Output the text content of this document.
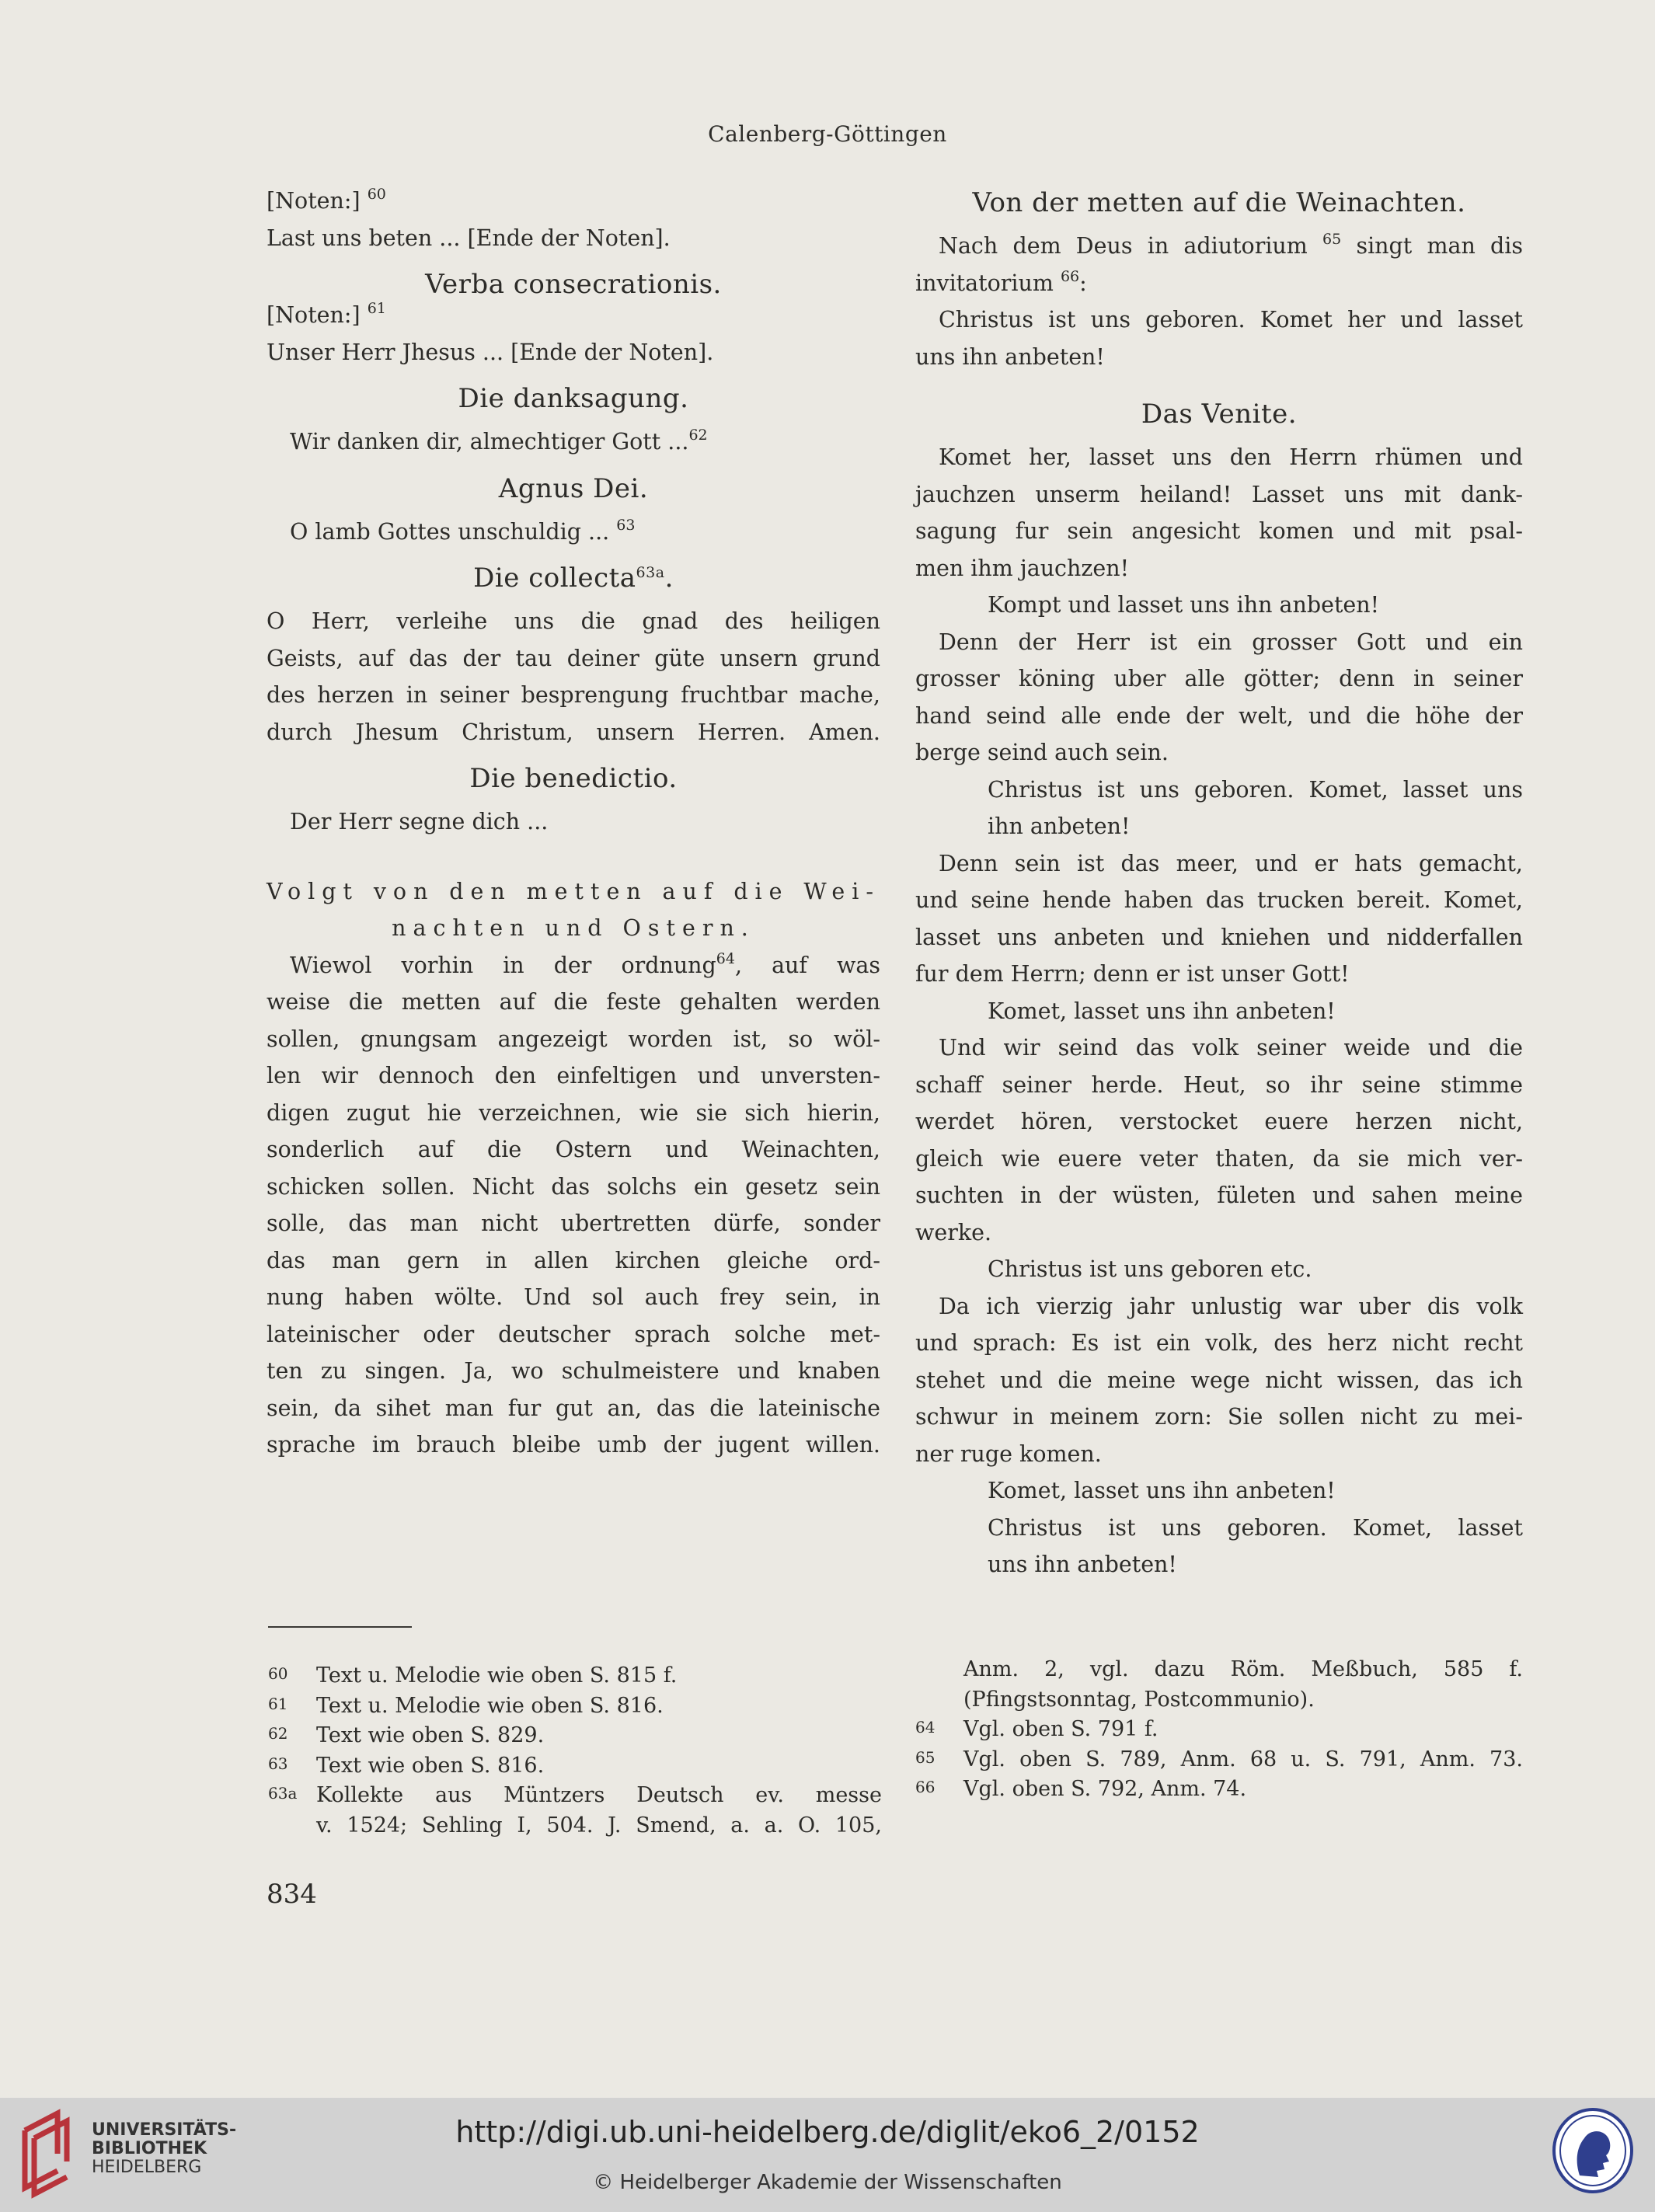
Calenberg-Göttingen

[Noten:] $^{60}$

Last uns beten ... [Ende der Noten].

Verba consecrationis.

[Noten:] $^{61}$

Unser Herr Jhesus ... [Ende der Noten].

Die danksagung.

Wir danken dir, almechtiger Gott ...$^{62}$

Agnus Dei.

O lamb Gottes unschuldig ... $^{63}$

Die collecta$^{63a}$.

O Herr, verleihe uns die gnad des heiligen

Geists, auf das der tau deiner güte unsern grund

des herzen in seiner besprengung fruchtbar mache,

durch Jhesum Christum, unsern Herren. Amen.

Die benedictio.

Der Herr segne dich ...

Volgt von den metten auf die Wei-

nachten und Ostern.

Wiewol vorhin in der ordnung$^{64}$, auf was

weise die metten auf die feste gehalten werden

sollen, gnungsam angezeigt worden ist, so wöl-

len wir dennoch den einfeltigen und unversten-

digen zugut hie verzeichnen, wie sie sich hierin,

sonderlich auf die Ostern und Weinachten,

schicken sollen. Nicht das solchs ein gesetz sein

solle, das man nicht ubertretten dürfe, sonder

das man gern in allen kirchen gleiche ord-

nung haben wölte. Und sol auch frey sein, in

lateinischer oder deutscher sprach solche met-

ten zu singen. Ja, wo schulmeistere und knaben

sein, da sihet man fur gut an, das die lateinische

sprache im brauch bleibe umb der jugent willen.

Von der metten auf die Weinachten.

Nach dem Deus in adiutorium $^{65}$ singt man dis

invitatorium $^{66}$:

Christus ist uns geboren. Komet her und lasset

uns ihn anbeten!

Das Venite.

Komet her, lasset uns den Herrn rhümen und

jauchzen unserm heiland! Lasset uns mit dank-

sagung fur sein angesicht komen und mit psal-

men ihm jauchzen!

Kompt und lasset uns ihn anbeten!

Denn der Herr ist ein grosser Gott und ein

grosser köning uber alle götter; denn in seiner

hand seind alle ende der welt, und die höhe der

berge seind auch sein.

Christus ist uns geboren. Komet, lasset uns

ihn anbeten!

Denn sein ist das meer, und er hats gemacht,

und seine hende haben das trucken bereit. Komet,

lasset uns anbeten und kniehen und nidderfallen

fur dem Herrn; denn er ist unser Gott!

Komet, lasset uns ihn anbeten!

Und wir seind das volk seiner weide und die

schaff seiner herde. Heut, so ihr seine stimme

werdet hören, verstocket euere herzen nicht,

gleich wie euere veter thaten, da sie mich ver-

suchten in der wüsten, fületen und sahen meine

werke.

Christus ist uns geboren etc.

Da ich vierzig jahr unlustig war uber dis volk

und sprach: Es ist ein volk, des herz nicht recht

stehet und die meine wege nicht wissen, das ich

schwur in meinem zorn: Sie sollen nicht zu mei-

ner ruge komen.

Komet, lasset uns ihn anbeten!

Christus ist uns geboren. Komet, lasset

uns ihn anbeten!

60	Text u. Melodie wie oben S. 815 f.
61	Text u. Melodie wie oben S. 816.
62	Text wie oben S. 829.
63	Text wie oben S. 816.
63a Kollekte aus Müntzers Deutsch ev. messe
v. 1524; Sehling I, 504. J. Smend, a. a. O. 105,
Anm. 2, vgl. dazu Röm. Meßbuch, 585 f.
(Pfingstsonntag, Postcommunio).
64	Vgl. oben S. 791 f.
65	Vgl. oben S. 789, Anm. 68 u. S. 791, Anm. 73.
66	Vgl. oben S. 792, Anm. 74.
834
UNIVERSITÄTS-
BIBLIOTHEK
HEIDELBERG
http://digi.ub.uni-heidelberg.de/diglit/eko6_2/0152
© Heidelberger Akademie der Wissenschaften
